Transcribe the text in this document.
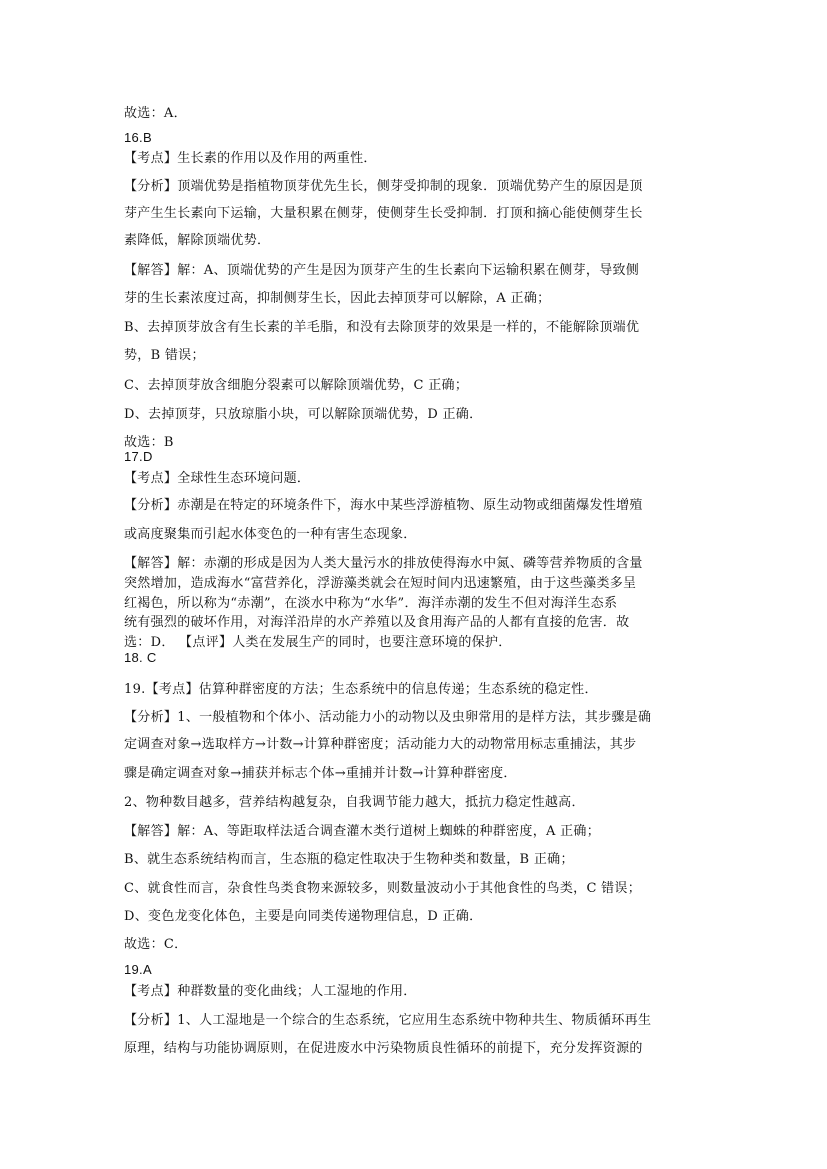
故选：A．
16.B
【考点】生长素的作用以及作用的两重性．
【分析】顶端优势是指植物顶芽优先生长，侧芽受抑制的现象．顶端优势产生的原因是顶
芽产生生长素向下运输，大量积累在侧芽，使侧芽生长受抑制．打顶和摘心能使侧芽生长
素降低，解除顶端优势．
【解答】解：A、顶端优势的产生是因为顶芽产生的生长素向下运输积累在侧芽，导致侧
芽的生长素浓度过高，抑制侧芽生长，因此去掉顶芽可以解除，A 正确；
B、去掉顶芽放含有生长素的羊毛脂，和没有去除顶芽的效果是一样的，不能解除顶端优
势，B 错误；
C、去掉顶芽放含细胞分裂素可以解除顶端优势，C 正确；
D、去掉顶芽，只放琼脂小块，可以解除顶端优势，D 正确．
故选：B
17.D
【考点】全球性生态环境问题．
【分析】赤潮是在特定的环境条件下，海水中某些浮游植物、原生动物或细菌爆发性增殖
或高度聚集而引起水体变色的一种有害生态现象．
【解答】解：赤潮的形成是因为人类大量污水的排放使得海水中氮、磷等营养物质的含量
突然增加，造成海水“富营养化，浮游藻类就会在短时间内迅速繁殖，由于这些藻类多呈
红褐色，所以称为“赤潮”，在淡水中称为“水华”．海洋赤潮的发生不但对海洋生态系
统有强烈的破坏作用，对海洋沿岸的水产养殖以及食用海产品的人都有直接的危害．故
选：D． 【点评】人类在发展生产的同时，也要注意环境的保护．
18. C
19.【考点】估算种群密度的方法；生态系统中的信息传递；生态系统的稳定性．
【分析】1、一般植物和个体小、活动能力小的动物以及虫卵常用的是样方法，其步骤是确
定调查对象→选取样方→计数→计算种群密度；活动能力大的动物常用标志重捕法，其步
骤是确定调查对象→捕获并标志个体→重捕并计数→计算种群密度．
2、物种数目越多，营养结构越复杂，自我调节能力越大，抵抗力稳定性越高．
【解答】解：A、等距取样法适合调查灌木类行道树上蜘蛛的种群密度，A 正确；
B、就生态系统结构而言，生态瓶的稳定性取决于生物种类和数量，B 正确；
C、就食性而言，杂食性鸟类食物来源较多，则数量波动小于其他食性的鸟类，C 错误；
D、变色龙变化体色，主要是向同类传递物理信息，D 正确．
故选：C．
19.A
【考点】种群数量的变化曲线；人工湿地的作用．
【分析】1、人工湿地是一个综合的生态系统，它应用生态系统中物种共生、物质循环再生
原理，结构与功能协调原则，在促进废水中污染物质良性循环的前提下，充分发挥资源的
